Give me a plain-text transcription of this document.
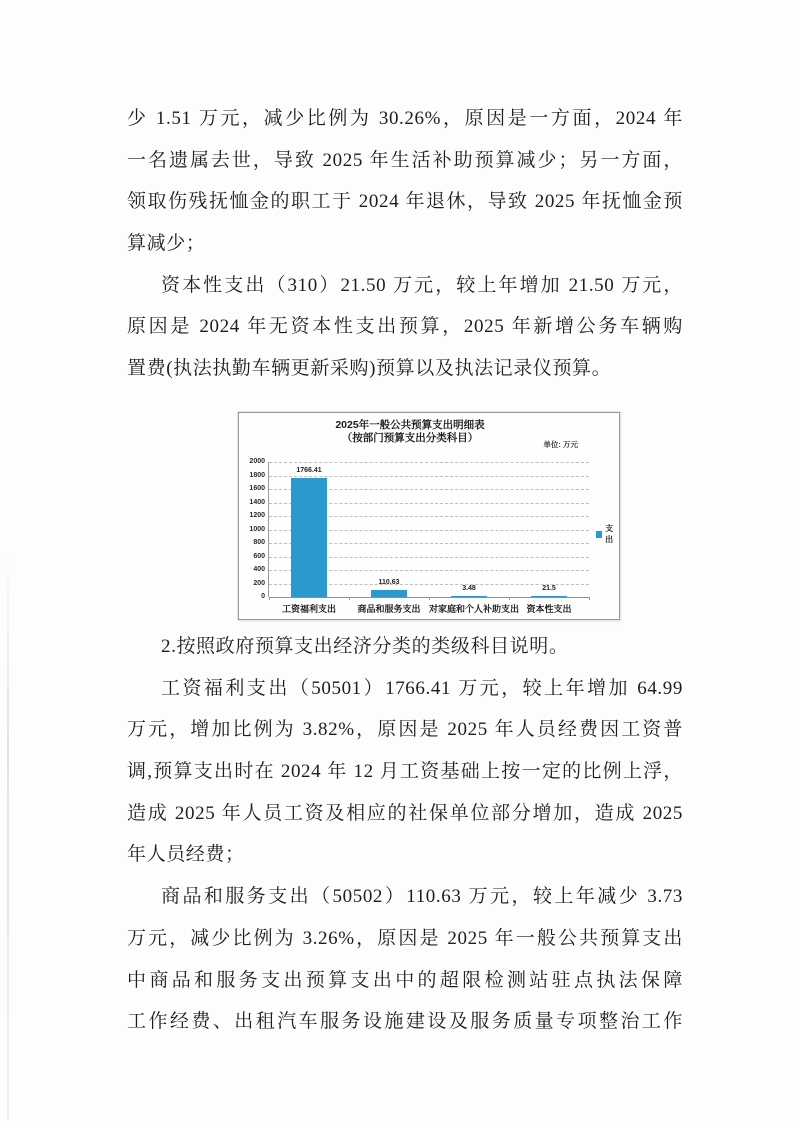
少 1.51 万元，减少比例为 30.26%，原因是一方面，2024 年
一名遗属去世，导致 2025 年生活补助预算减少；另一方面，
领取伤残抚恤金的职工于 2024 年退休，导致 2025 年抚恤金预
算减少；
资本性支出（310）21.50 万元，较上年增加 21.50 万元，
原因是 2024 年无资本性支出预算，2025 年新增公务车辆购
置费(执法执勤车辆更新采购)预算以及执法记录仪预算。
2025年一般公共预算支出明细表
（按部门预算支出分类科目）
单位: 万元
0
200
400
600
800
1000
1200
1400
1600
1800
2000
1766.41
工资福利支出
110.63
商品和服务支出
3.48
对家庭和个人补助支出
21.5
资本性支出
支出
2.按照政府预算支出经济分类的类级科目说明。
工资福利支出（50501）1766.41 万元，较上年增加 64.99
万元，增加比例为 3.82%，原因是 2025 年人员经费因工资普
调,预算支出时在 2024 年 12 月工资基础上按一定的比例上浮，
造成 2025 年人员工资及相应的社保单位部分增加，造成 2025
年人员经费；
商品和服务支出（50502）110.63 万元，较上年减少 3.73
万元，减少比例为 3.26%，原因是 2025 年一般公共预算支出
中商品和服务支出预算支出中的超限检测站驻点执法保障
工作经费、出租汽车服务设施建设及服务质量专项整治工作
